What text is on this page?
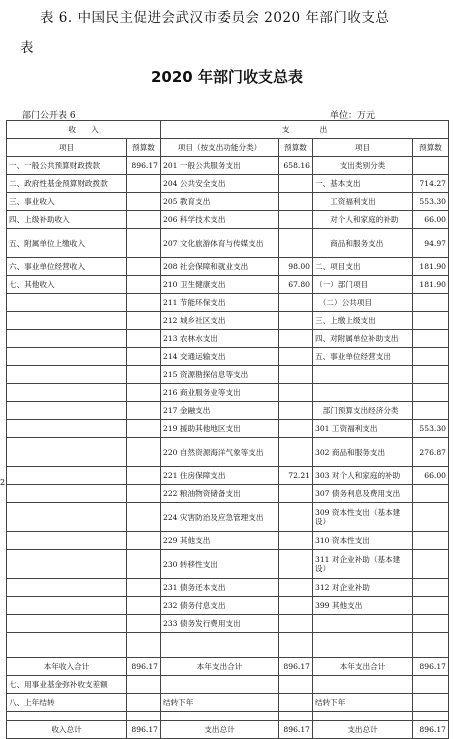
表 6. 中国民主促进会武汉市委员会 2020 年部门收支总
表
2020 年部门收支总表
部门公开表 6	单位：万元
2
收　　入		支　　　　出			
项目	预算数	项目（按支出功能分类）	预算数	项目	预算数
一、一般公共预算财政拨款	896.17	201 一般公共服务支出	658.16	支出类别分类	
二、政府性基金预算财政拨款		204 公共安全支出		一、基本支出	714.27
三、事业收入		205 教育支出		　　工资福利支出	553.30
四、上级补助收入		206 科学技术支出		　　对个人和家庭的补助	66.00
五、附属单位上缴收入		207 文化旅游体育与传媒支出		　　商品和服务支出	94.97
六、事业单位经营收入		208 社会保障和就业支出	98.00	二、项目支出	181.90
七、其他收入		210 卫生健康支出	67.80	（一）部门项目	181.90
		211 节能环保支出		　（二）公共项目	
		212 城乡社区支出		三、上缴上级支出	
		213 农林水支出		四、对附属单位补助支出	
		214 交通运输支出		五、事业单位经营支出	
		215 资源勘探信息等支出			
		216 商业服务业等支出			
		217 金融支出		　部门预算支出经济分类	
		219 援助其他地区支出		301 工资福利支出	553.30
		220 自然资源海洋气象等支出		302 商品和服务支出	276.87
		221 住房保障支出	72.21	303 对个人和家庭的补助	66.00
		222 粮油物资储备支出		307 债务利息及费用支出	
		224 灾害防治及应急管理支出		309 资本性支出（基本建设）	
		229 其他支出		310 资本性支出	
		230 转移性支出		311 对企业补助（基本建设）	
		231 债务还本支出		312 对企业补助	
		232 债务付息支出		399 其他支出	
		233 债务发行费用支出			

本年收入合计	896.17	本年支出合计	896.17	本年支出合计	896.17
七、用事业基金弥补收支差额					
八、上年结转		结转下年		结转下年	

收入总计	896.17	支出总计	896.17	支出总计	896.17
